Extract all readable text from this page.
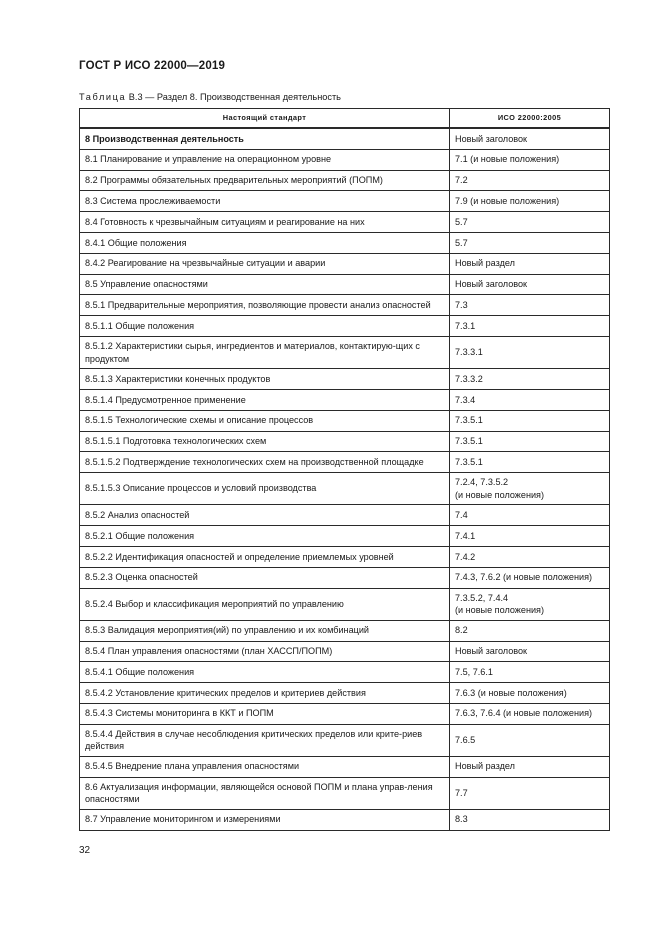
ГОСТ Р ИСО 22000—2019
Таблица В.3 — Раздел 8. Производственная деятельность
Настоящий стандарт	ИСО 22000:2005
8 Производственная деятельность	Новый заголовок
8.1 Планирование и управление на операционном уровне	7.1 (и новые положения)
8.2 Программы обязательных предварительных мероприятий (ПОПМ)	7.2
8.3 Система прослеживаемости	7.9 (и новые положения)
8.4 Готовность к чрезвычайным ситуациям и реагирование на них	5.7
8.4.1 Общие положения	5.7
8.4.2 Реагирование на чрезвычайные ситуации и аварии	Новый раздел
8.5 Управление опасностями	Новый заголовок
8.5.1 Предварительные мероприятия, позволяющие провести анализ опасностей	7.3
8.5.1.1 Общие положения	7.3.1
8.5.1.2 Характеристики сырья, ингредиентов и материалов, контактирую-щих с продуктом	7.3.3.1
8.5.1.3 Характеристики конечных продуктов	7.3.3.2
8.5.1.4 Предусмотренное применение	7.3.4
8.5.1.5 Технологические схемы и описание процессов	7.3.5.1
8.5.1.5.1 Подготовка технологических схем	7.3.5.1
8.5.1.5.2 Подтверждение технологических схем на производственной площадке	7.3.5.1
8.5.1.5.3 Описание процессов и условий производства	7.2.4, 7.3.5.2
(и новые положения)
8.5.2 Анализ опасностей	7.4
8.5.2.1 Общие положения	7.4.1
8.5.2.2 Идентификация опасностей и определение приемлемых уровней	7.4.2
8.5.2.3 Оценка опасностей	7.4.3, 7.6.2 (и новые положения)
8.5.2.4 Выбор и классификация мероприятий по управлению	7.3.5.2, 7.4.4
(и новые положения)
8.5.3 Валидация мероприятия(ий) по управлению и их комбинаций	8.2
8.5.4 План управления опасностями (план ХАССП/ПОПМ)	Новый заголовок
8.5.4.1 Общие положения	7.5, 7.6.1
8.5.4.2 Установление критических пределов и критериев действия	7.6.3 (и новые положения)
8.5.4.3 Системы мониторинга в ККТ и ПОПМ	7.6.3, 7.6.4 (и новые положения)
8.5.4.4 Действия в случае несоблюдения критических пределов или крите-риев действия	7.6.5
8.5.4.5 Внедрение плана управления опасностями	Новый раздел
8.6 Актуализация информации, являющейся основой ПОПМ и плана управ-ления опасностями	7.7
8.7 Управление мониторингом и измерениями	8.3
32
